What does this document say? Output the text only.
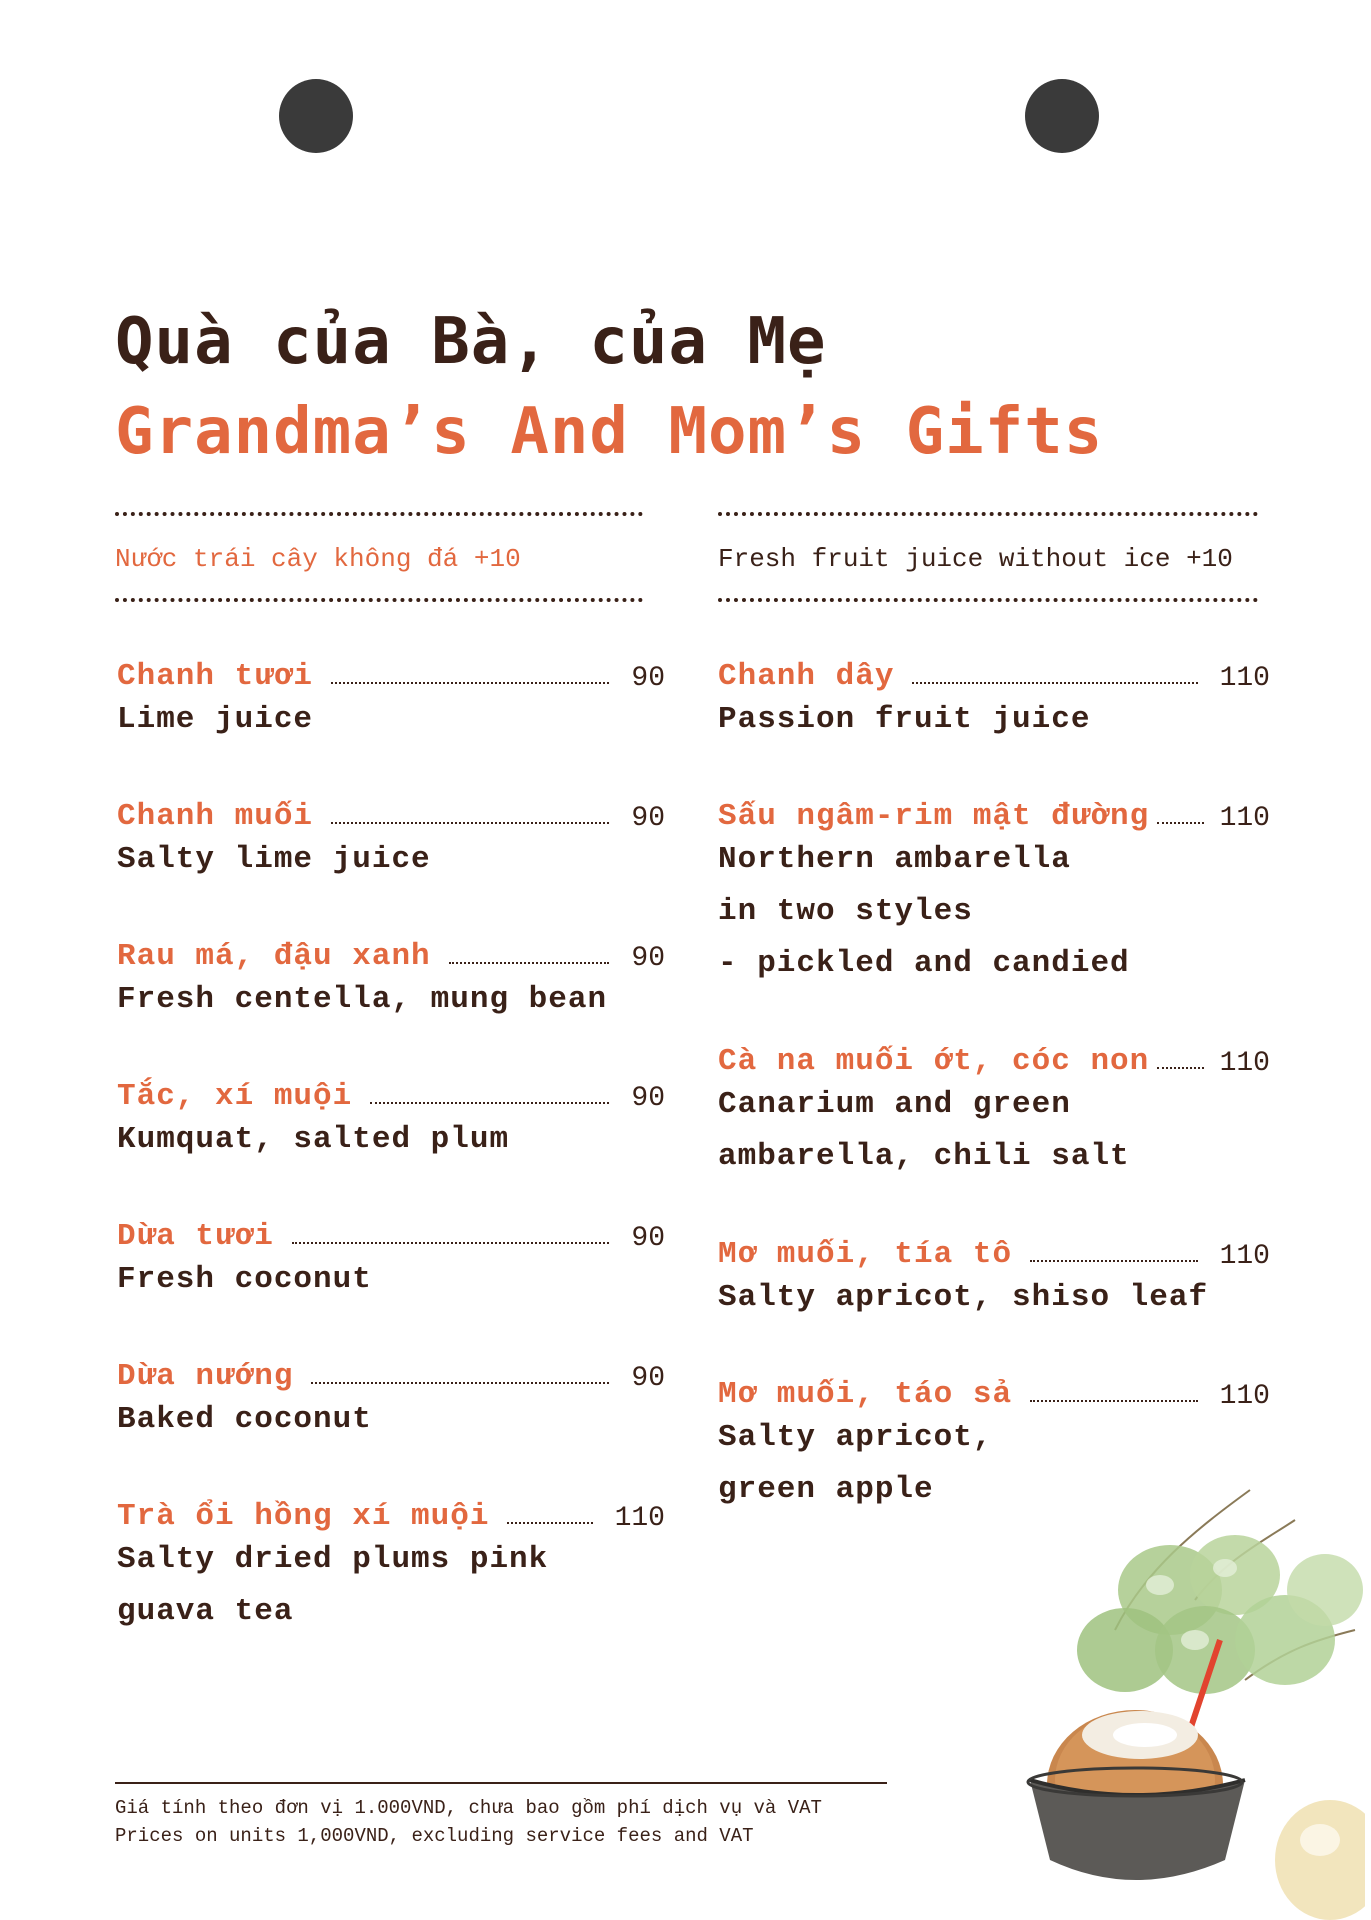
Quà của Bà, của Mẹ
Grandma’s And Mom’s Gifts
Nước trái cây không đá +10	Fresh fruit juice without ice +10
Chanh tươi	90
Lime juice
Chanh muối	90
Salty lime juice
Rau má, đậu xanh	90
Fresh centella, mung bean
Tắc, xí muội	90
Kumquat, salted plum
Dừa tươi	90
Fresh coconut
Dừa nướng	90
Baked coconut
Trà ổi hồng xí muội	110
Salty dried plums pink
guava tea
Chanh dây	110
Passion fruit juice
Sấu ngâm-rim mật đường	110
Northern ambarella
in two styles
- pickled and candied
Cà na muối ớt, cóc non	110
Canarium and green
ambarella, chili salt
Mơ muối, tía tô	110
Salty apricot, shiso leaf
Mơ muối, táo sả	110
Salty apricot,
green apple
Giá tính theo đơn vị 1.000VND, chưa bao gồm phí dịch vụ và VAT
Prices on units 1,000VND, excluding service fees and VAT
